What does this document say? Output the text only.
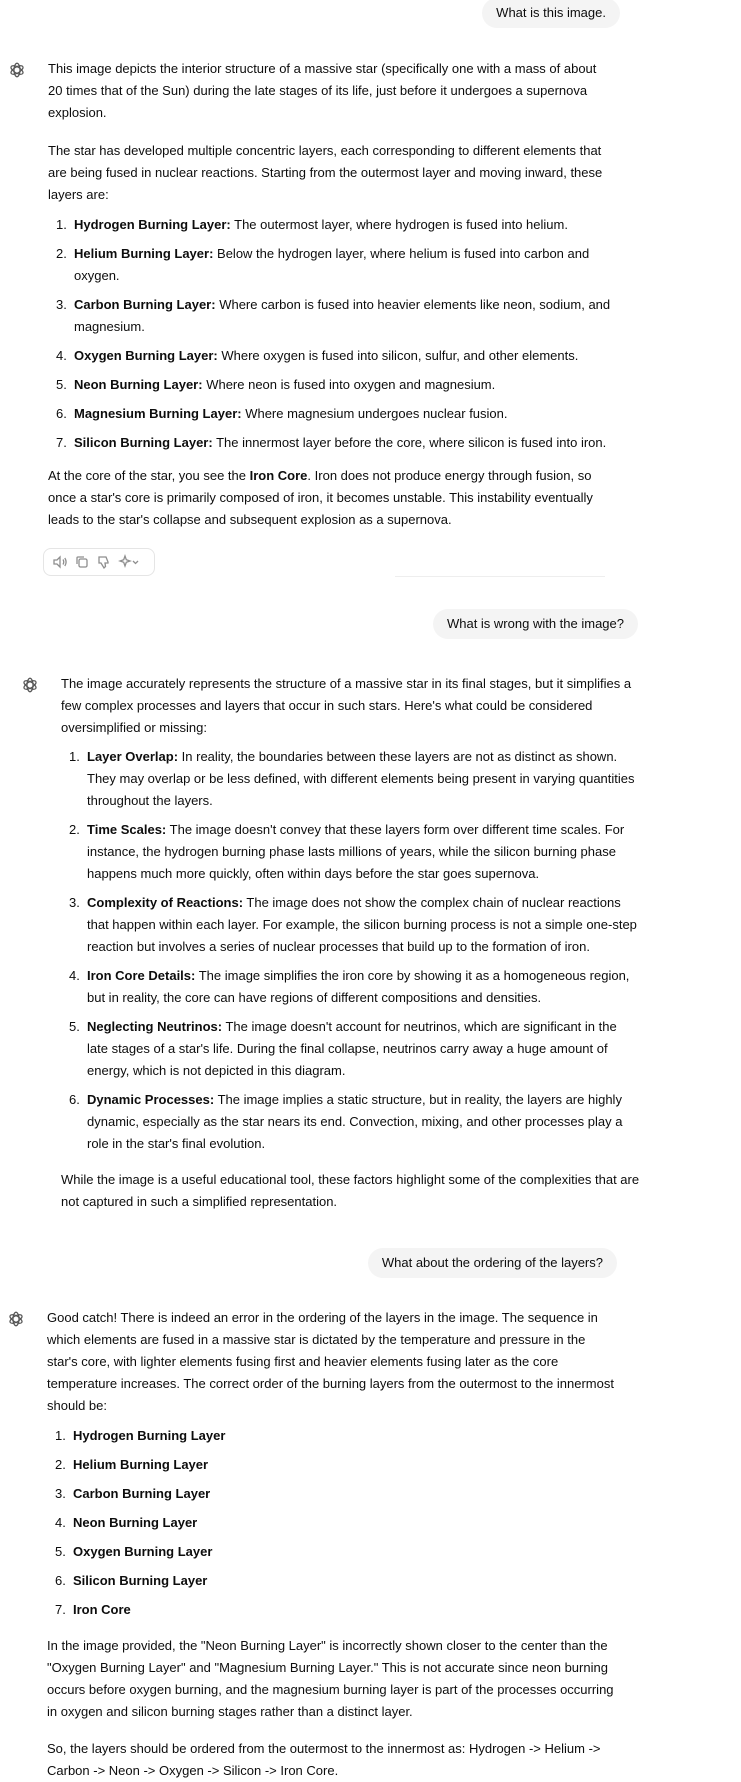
What is this image.

This image depicts the interior structure of a massive star (specifically one with a mass of about 20 times that of the Sun) during the late stages of its life, just before it undergoes a supernova explosion.

The star has developed multiple concentric layers, each corresponding to different elements that are being fused in nuclear reactions. Starting from the outermost layer and moving inward, these layers are:

1. Hydrogen Burning Layer: The outermost layer, where hydrogen is fused into helium.
2. Helium Burning Layer: Below the hydrogen layer, where helium is fused into carbon and oxygen.
3. Carbon Burning Layer: Where carbon is fused into heavier elements like neon, sodium, and magnesium.
4. Oxygen Burning Layer: Where oxygen is fused into silicon, sulfur, and other elements.
5. Neon Burning Layer: Where neon is fused into oxygen and magnesium.
6. Magnesium Burning Layer: Where magnesium undergoes nuclear fusion.
7. Silicon Burning Layer: The innermost layer before the core, where silicon is fused into iron.

At the core of the star, you see the Iron Core. Iron does not produce energy through fusion, so once a star's core is primarily composed of iron, it becomes unstable. This instability eventually leads to the star's collapse and subsequent explosion as a supernova.

What is wrong with the image?

The image accurately represents the structure of a massive star in its final stages, but it simplifies a few complex processes and layers that occur in such stars. Here's what could be considered oversimplified or missing:

1. Layer Overlap: In reality, the boundaries between these layers are not as distinct as shown. They may overlap or be less defined, with different elements being present in varying quantities throughout the layers.
2. Time Scales: The image doesn't convey that these layers form over different time scales. For instance, the hydrogen burning phase lasts millions of years, while the silicon burning phase happens much more quickly, often within days before the star goes supernova.
3. Complexity of Reactions: The image does not show the complex chain of nuclear reactions that happen within each layer. For example, the silicon burning process is not a simple one-step reaction but involves a series of nuclear processes that build up to the formation of iron.
4. Iron Core Details: The image simplifies the iron core by showing it as a homogeneous region, but in reality, the core can have regions of different compositions and densities.
5. Neglecting Neutrinos: The image doesn't account for neutrinos, which are significant in the late stages of a star's life. During the final collapse, neutrinos carry away a huge amount of energy, which is not depicted in this diagram.
6. Dynamic Processes: The image implies a static structure, but in reality, the layers are highly dynamic, especially as the star nears its end. Convection, mixing, and other processes play a role in the star's final evolution.

While the image is a useful educational tool, these factors highlight some of the complexities that are not captured in such a simplified representation.

What about the ordering of the layers?

Good catch! There is indeed an error in the ordering of the layers in the image. The sequence in which elements are fused in a massive star is dictated by the temperature and pressure in the star's core, with lighter elements fusing first and heavier elements fusing later as the core temperature increases. The correct order of the burning layers from the outermost to the innermost should be:

1. Hydrogen Burning Layer
2. Helium Burning Layer
3. Carbon Burning Layer
4. Neon Burning Layer
5. Oxygen Burning Layer
6. Silicon Burning Layer
7. Iron Core

In the image provided, the "Neon Burning Layer" is incorrectly shown closer to the center than the "Oxygen Burning Layer" and "Magnesium Burning Layer." This is not accurate since neon burning occurs before oxygen burning, and the magnesium burning layer is part of the processes occurring in oxygen and silicon burning stages rather than a distinct layer.

So, the layers should be ordered from the outermost to the innermost as: Hydrogen -> Helium -> Carbon -> Neon -> Oxygen -> Silicon -> Iron Core.
